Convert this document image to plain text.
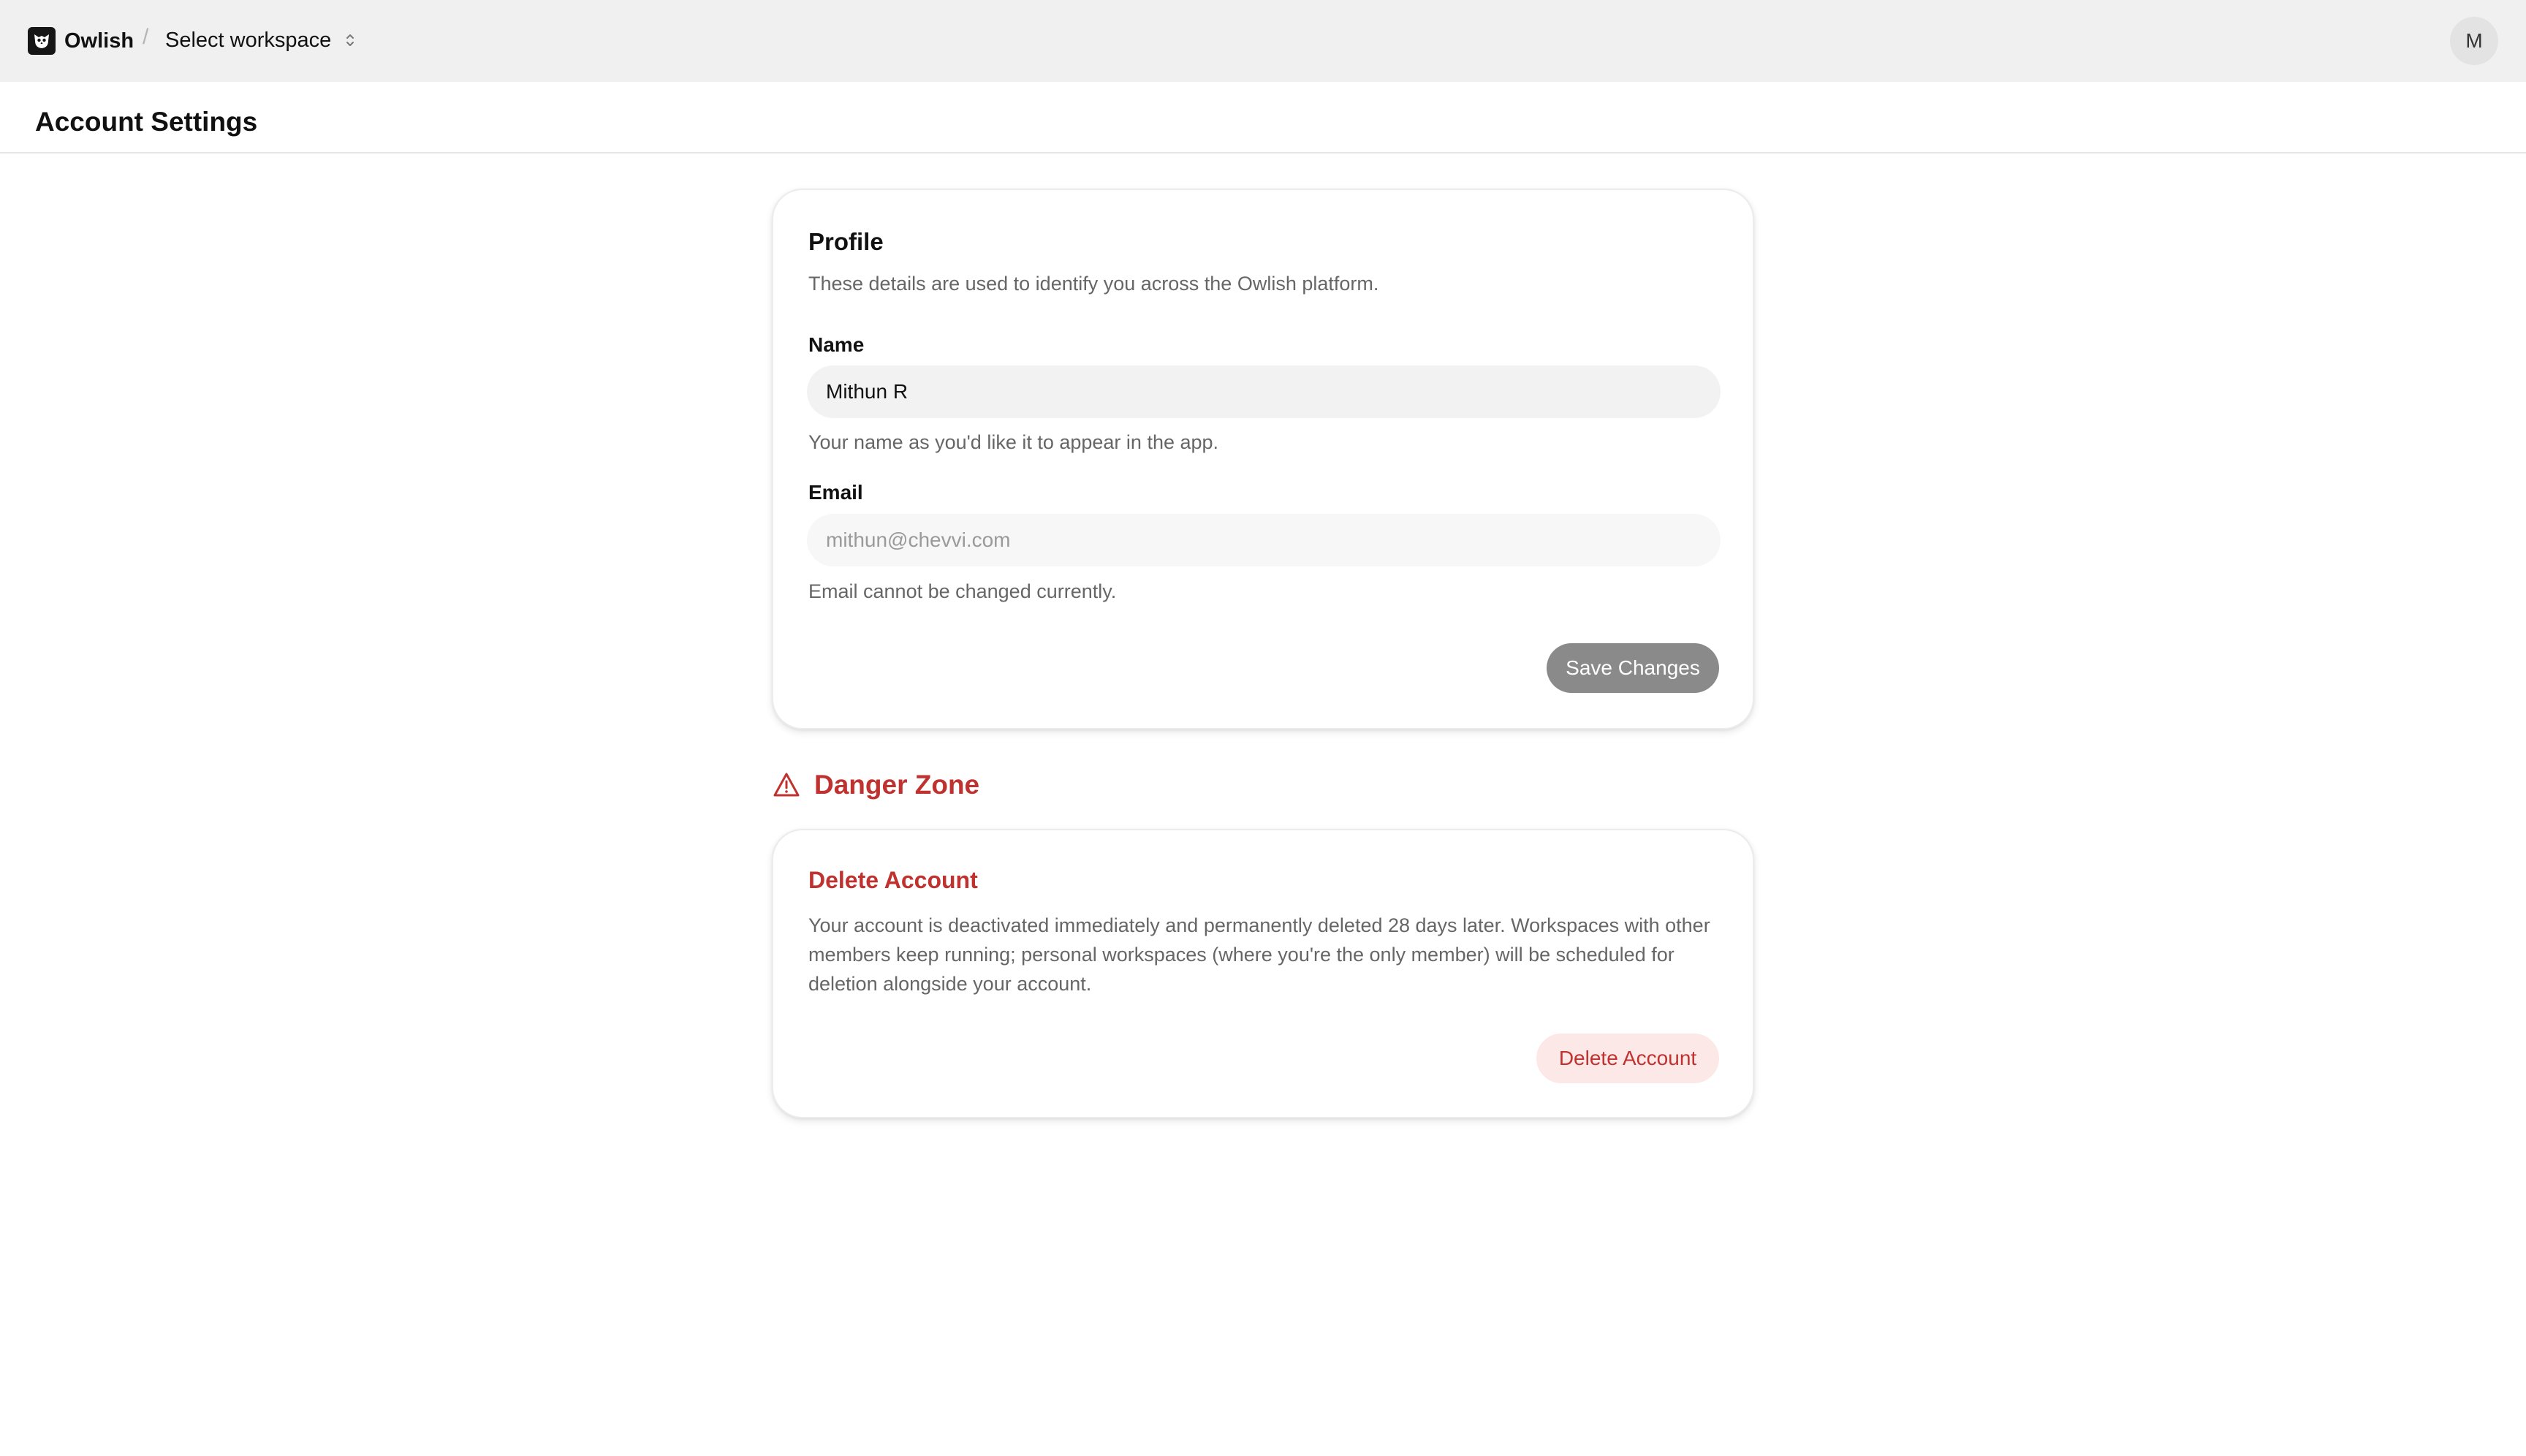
Owlish / Select workspace	M
Account Settings
Profile

These details are used to identify you across the Owlish platform.

Name
Mithun R

Your name as you'd like it to appear in the app.

Email
mithun@chevvi.com

Email cannot be changed currently.

Save Changes
Danger Zone
Delete Account

Your account is deactivated immediately and permanently deleted 28 days later. Workspaces with other members keep running; personal workspaces (where you're the only member) will be scheduled for deletion alongside your account.

Delete Account
